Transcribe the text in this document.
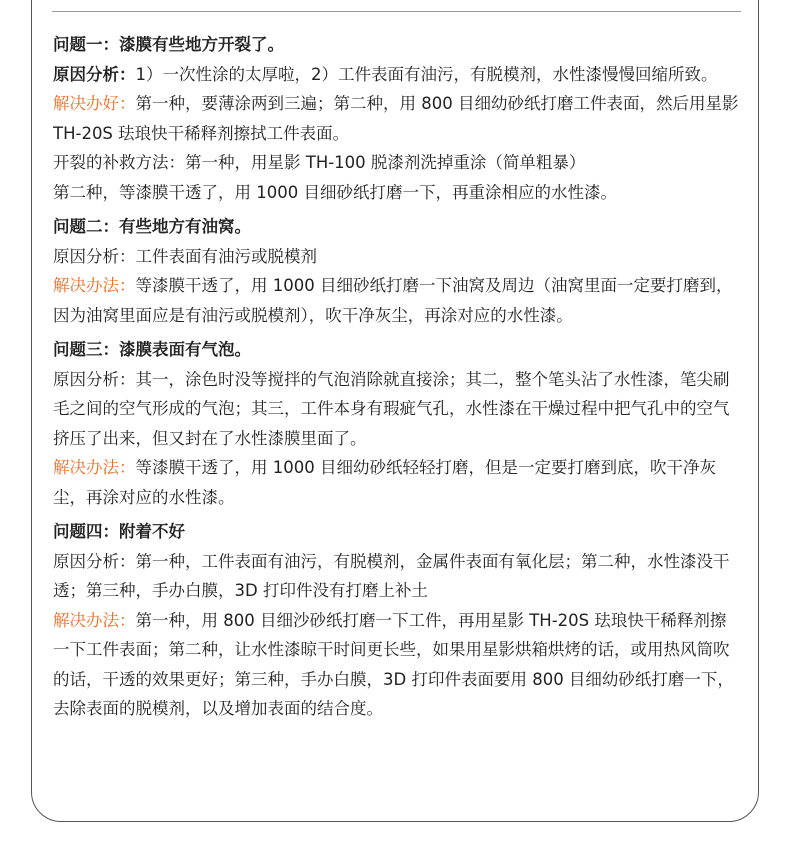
问题一：漆膜有些地方开裂了。

原因分析：1）一次性涂的太厚啦，2）工件表面有油污，有脱模剂，水性漆慢慢回缩所致。

解决办好：第一种，要薄涂两到三遍；第二种，用 800 目细幼砂纸打磨工件表面，然后用星影 TH-20S 珐琅快干稀释剂擦拭工件表面。

开裂的补救方法：第一种，用星影 TH-100 脱漆剂洗掉重涂（简单粗暴）

第二种，等漆膜干透了，用 1000 目细砂纸打磨一下，再重涂相应的水性漆。

问题二：有些地方有油窝。

原因分析：工件表面有油污或脱模剂

解决办法：等漆膜干透了，用 1000 目细砂纸打磨一下油窝及周边（油窝里面一定要打磨到，因为油窝里面应是有油污或脱模剂），吹干净灰尘，再涂对应的水性漆。

问题三：漆膜表面有气泡。

原因分析：其一，涂色时没等搅拌的气泡消除就直接涂；其二，整个笔头沾了水性漆，笔尖刷毛之间的空气形成的气泡；其三，工件本身有瑕疵气孔，水性漆在干燥过程中把气孔中的空气挤压了出来，但又封在了水性漆膜里面了。

解决办法：等漆膜干透了，用 1000 目细幼砂纸轻轻打磨，但是一定要打磨到底，吹干净灰尘，再涂对应的水性漆。

问题四：附着不好

原因分析：第一种，工件表面有油污，有脱模剂，金属件表面有氧化层；第二种，水性漆没干透；第三种，手办白膜，3D 打印件没有打磨上补土

解决办法：第一种，用 800 目细沙砂纸打磨一下工件，再用星影 TH-20S 珐琅快干稀释剂擦一下工件表面；第二种，让水性漆晾干时间更长些，如果用星影烘箱烘烤的话，或用热风筒吹的话，干透的效果更好；第三种，手办白膜，3D 打印件表面要用 800 目细幼砂纸打磨一下，去除表面的脱模剂，以及增加表面的结合度。
